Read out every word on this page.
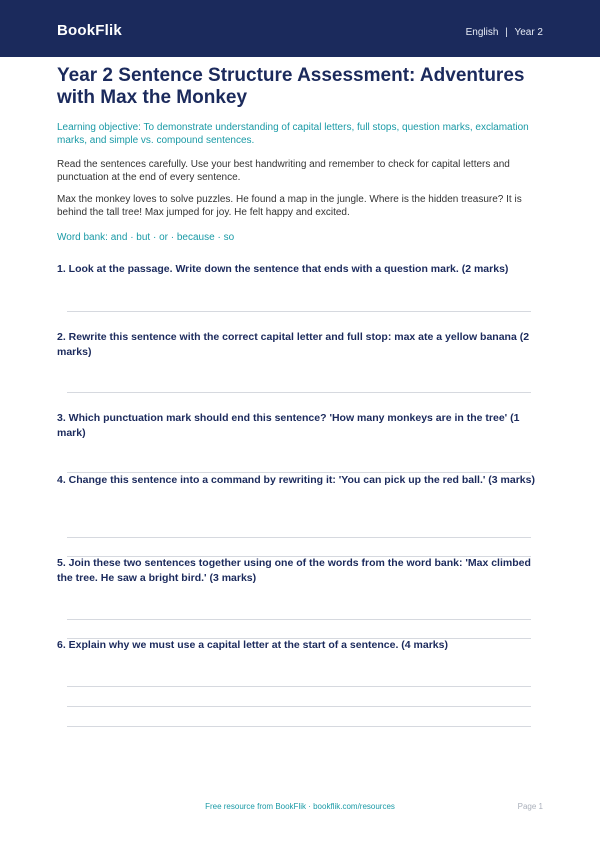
BookFlik	English | Year 2
Year 2 Sentence Structure Assessment: Adventures with Max the Monkey
Learning objective: To demonstrate understanding of capital letters, full stops, question marks, exclamation marks, and simple vs. compound sentences.
Read the sentences carefully. Use your best handwriting and remember to check for capital letters and punctuation at the end of every sentence.
Max the monkey loves to solve puzzles. He found a map in the jungle. Where is the hidden treasure? It is behind the tall tree! Max jumped for joy. He felt happy and excited.
Word bank: and · but · or · because · so
1. Look at the passage. Write down the sentence that ends with a question mark. (2 marks)
2. Rewrite this sentence with the correct capital letter and full stop: max ate a yellow banana (2 marks)
3. Which punctuation mark should end this sentence? 'How many monkeys are in the tree' (1 mark)
4. Change this sentence into a command by rewriting it: 'You can pick up the red ball.' (3 marks)
5. Join these two sentences together using one of the words from the word bank: 'Max climbed the tree. He saw a bright bird.' (3 marks)
6. Explain why we must use a capital letter at the start of a sentence. (4 marks)
Free resource from BookFlik · bookflik.com/resources	Page 1
